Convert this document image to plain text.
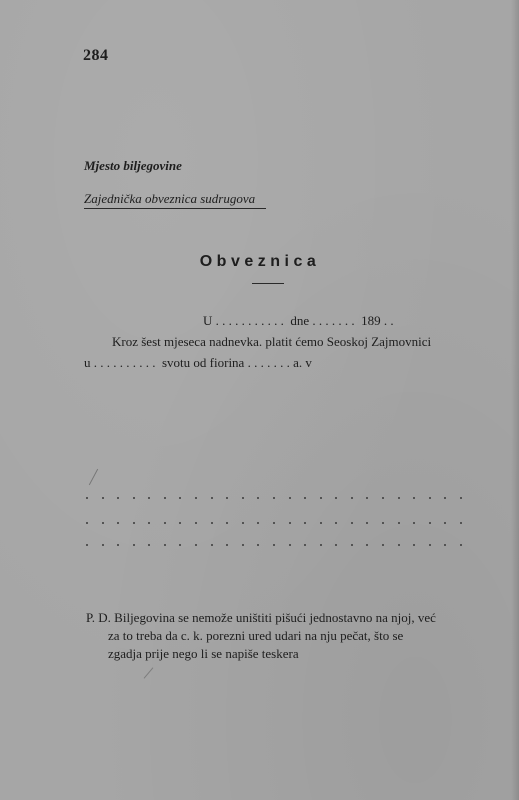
284
Mjesto biljegovine
Zajednička obveznica sudrugova
Obveznica
U . . . . . . . . . . .  dne . . . . . . .  189 . .
Kroz šest mjeseca nadnevka. platit ćemo Seoskoj Zajmovnici
u . . . . . . . . . .  svotu od fiorina . . . . . . . a. v
P. D. Biljegovina se nemože uništiti pišući jednostavno na njoj, već
za to treba da c. k. porezni ured udari na nju pečat, što se
zgadja prije nego li se napiše teskera
